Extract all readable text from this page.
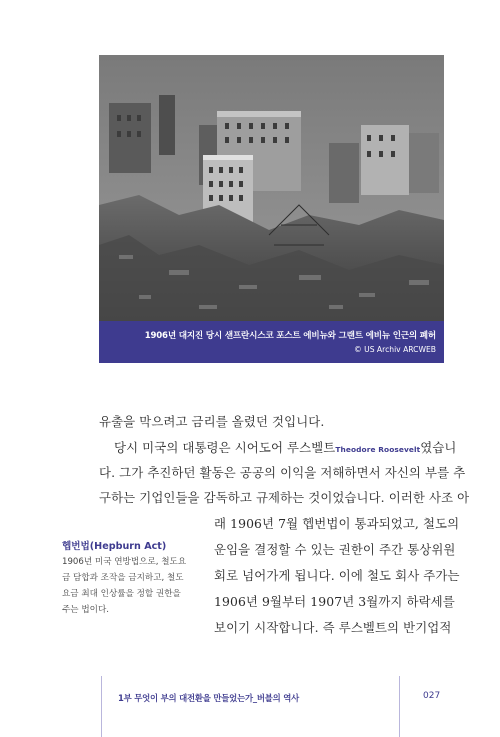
1906년 대지진 당시 샌프란시스코 포스트 에비뉴와 그랜트 에비뉴 인근의 폐허
© US Archiv ARCWEB

유출을 막으려고 금리를 올렸던 것입니다.

당시 미국의 대통령은 시어도어 루스벨트Theodore Roosevelt였습니

다. 그가 추진하던 활동은 공공의 이익을 저해하면서 자신의 부를 추

구하는 기업인들을 감독하고 규제하는 것이었습니다. 이러한 사조 아

래 1906년 7월 헵번법이 통과되었고, 철도의

운임을 결정할 수 있는 권한이 주간 통상위원

회로 넘어가게 됩니다. 이에 철도 회사 주가는

1906년 9월부터 1907년 3월까지 하락세를

보이기 시작합니다. 즉 루스벨트의 반기업적

헵번법(Hepburn Act)
1906년 미국 연방법으로, 철도요
금 담합과 조작을 금지하고, 철도
요금 최대 인상률을 정할 권한을
주는 법이다.
1부 무엇이 부의 대전환을 만들었는가_버블의 역사	027
